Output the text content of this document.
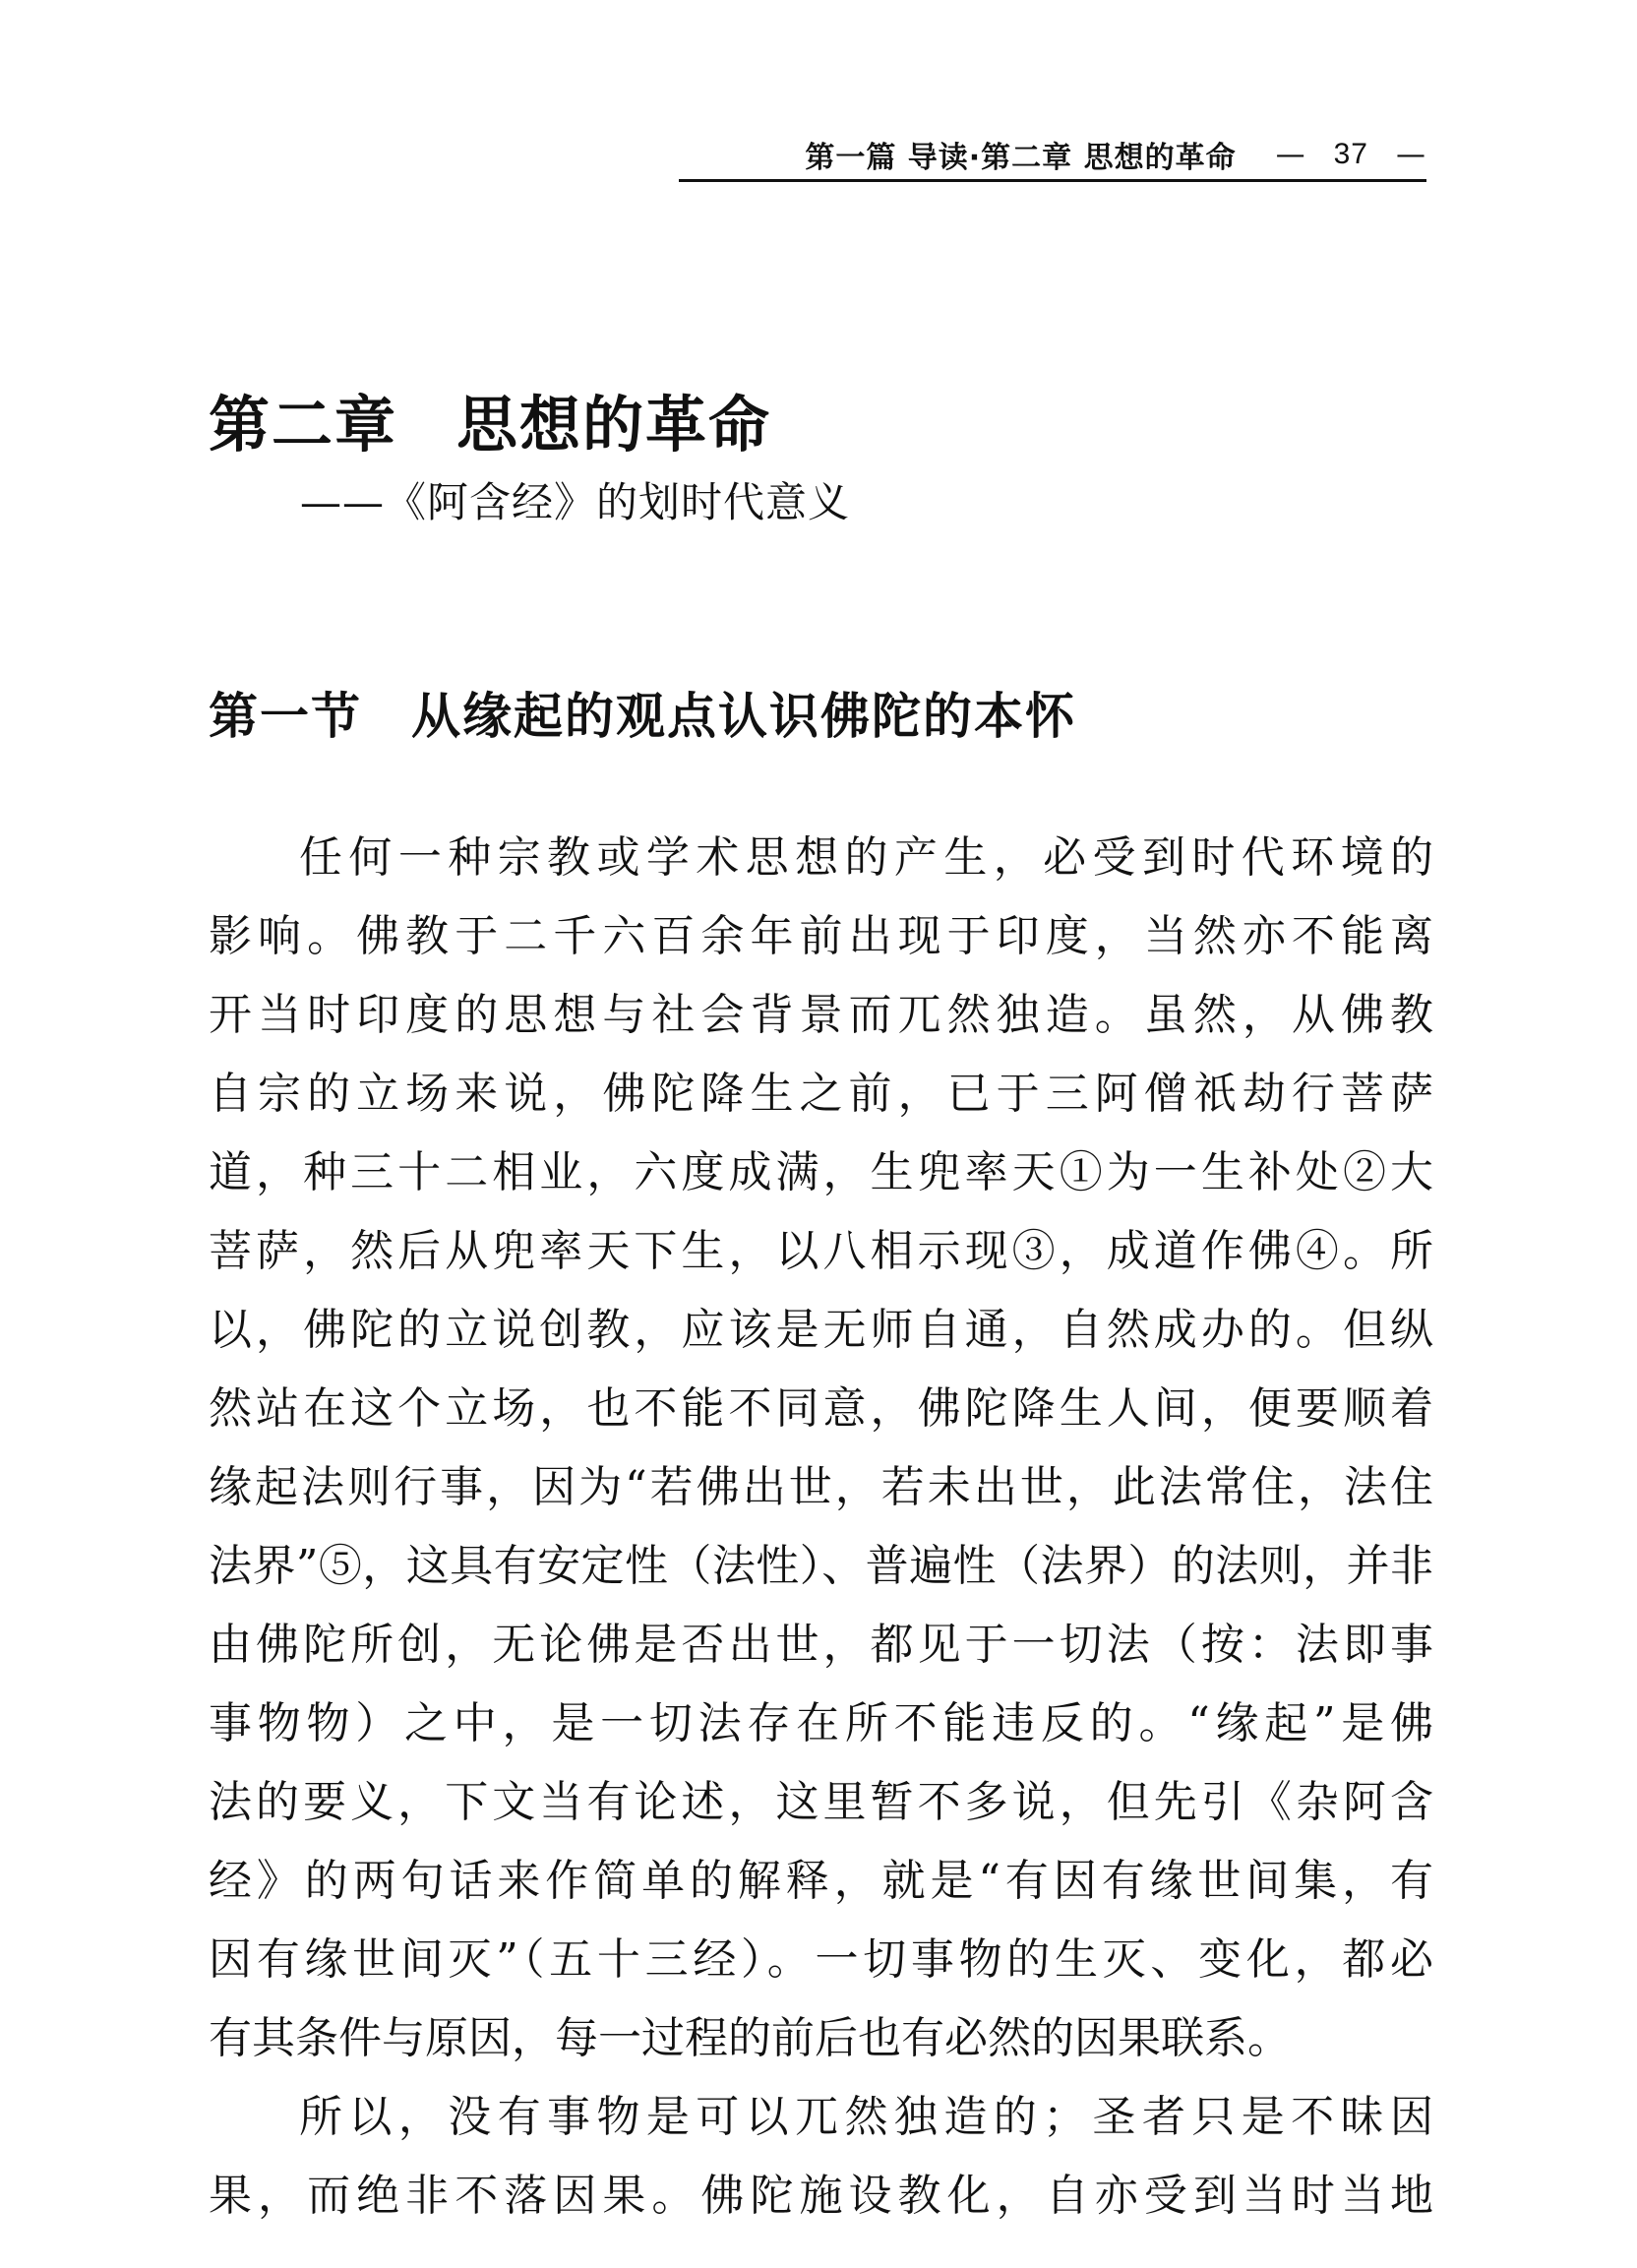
第一篇 导读·第二章 思想的革命 — 37 —
第二章 思想的革命
——《阿含经》的划时代意义
第一节 从缘起的观点认识佛陀的本怀
任何一种宗教或学术思想的产生，必受到时代环境的
影响。佛教于二千六百余年前出现于印度，当然亦不能离
开当时印度的思想与社会背景而兀然独造。虽然，从佛教
自宗的立场来说，佛陀降生之前，已于三阿僧祇劫行菩萨
道，种三十二相业，六度成满，生兜率天①为一生补处②大
菩萨，然后从兜率天下生，以八相示现③，成道作佛④。所
以，佛陀的立说创教，应该是无师自通，自然成办的。但纵
然站在这个立场，也不能不同意，佛陀降生人间，便要顺着
缘起法则行事，因为“若佛出世，若未出世，此法常住，法住
法界”⑤，这具有安定性（法性）、普遍性（法界）的法则，并非
由佛陀所创，无论佛是否出世，都见于一切法（按：法即事
事物物）之中，是一切法存在所不能违反的。“缘起”是佛
法的要义，下文当有论述，这里暂不多说，但先引《杂阿含
经》的两句话来作简单的解释，就是“有因有缘世间集，有
因有缘世间灭”（五十三经）。一切事物的生灭、变化，都必
有其条件与原因，每一过程的前后也有必然的因果联系。
所以，没有事物是可以兀然独造的；圣者只是不昧因
果，而绝非不落因果。佛陀施设教化，自亦受到当时当地
